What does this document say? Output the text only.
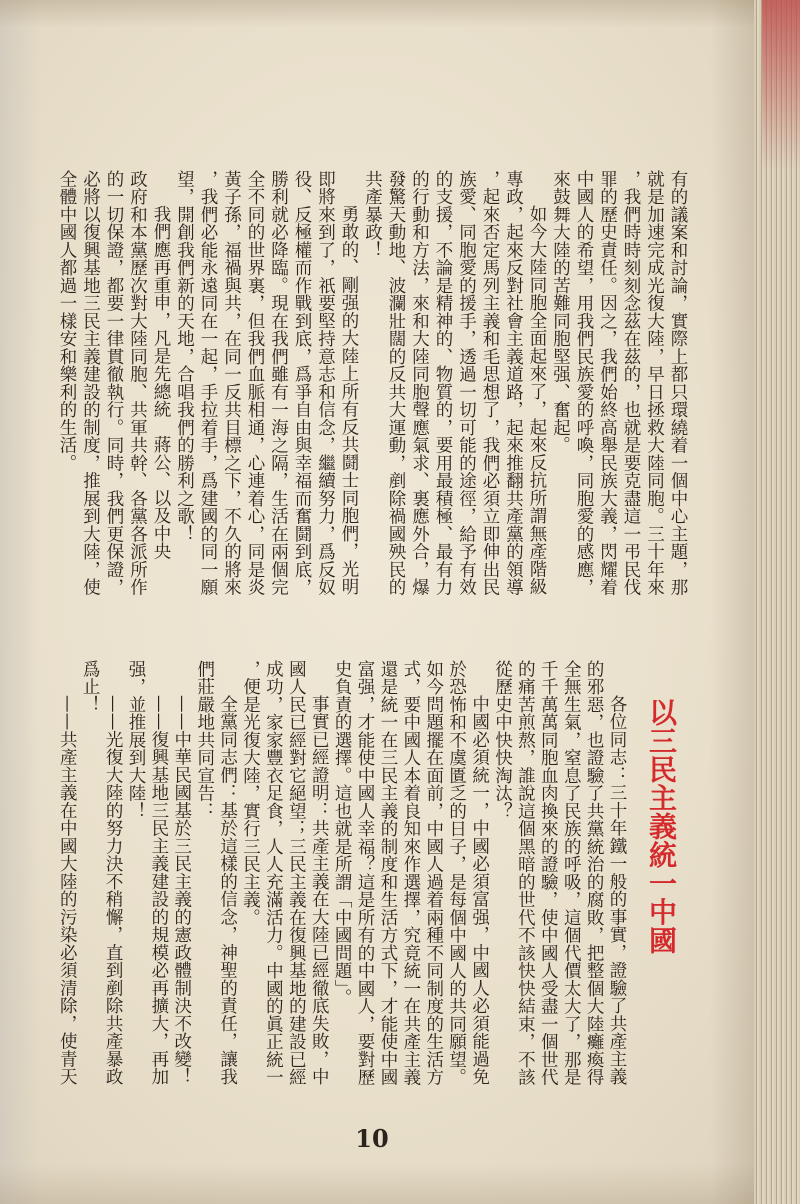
有的議案和討論，實際上都只環繞着一個中心主題，那
就是加速完成光復大陸，早日拯救大陸同胞。三十年來
，我們時時刻刻念茲在茲的，也就是要克盡這一弔民伐
罪的歷史責任。因之，我們始終高舉民族大義，閃耀着
中國人的希望，用我們民族愛的呼喚，同胞愛的感應，
來鼓舞大陸的苦難同胞堅强、奮起。
如今大陸同胞全面起來了，起來反抗所謂無產階級
專政，起來反對社會主義道路，起來推翻共產黨的領導
，起來否定馬列主義和毛思想了，我們必須立即伸出民
族愛、同胞愛的援手，透過一切可能的途徑，給予有效
的支援，不論是精神的、物質的，要用最積極、最有力
的行動和方法，來和大陸同胞聲應氣求、裏應外合，爆
發驚天動地、波瀾壯闊的反共大運動，剷除禍國殃民的
共產暴政！
勇敢的、剛强的大陸上所有反共鬪士同胞們，光明
即將來到了，祇要堅持意志和信念，繼續努力，爲反奴
役、反極權而作戰到底，爲爭自由與幸福而奮鬪到底，
勝利就必降臨。現在我們雖有一海之隔，生活在兩個完
全不同的世界裏，但我們血脈相通，心連着心，同是炎
黃子孫，福禍與共，在同一反共目標之下，不久的將來
，我們必能永遠同在一起，手拉着手，爲建國的同一願
望，開創我們新的天地，合唱我們的勝利之歌！
我們應再重申，凡是先總統　蔣公、以及中央
政府和本黨歷次對大陸同胞、共軍共幹、各黨各派所作
的一切保證，都要一律貫徹執行。同時，我們更保證，
必將以復興基地三民主義建設的制度，推展到大陸，使
全體中國人都過一樣安和樂利的生活。
以三民主義統一中國
各位同志：三十年鐵一般的事實，證驗了共產主義
的邪惡，也證驗了共黨統治的腐敗，把整個大陸癱瘓得
全無生氣，窒息了民族的呼吸，這個代價太大了，那是
千千萬萬同胞血肉換來的證驗，使中國人受盡一個世代
的痛苦煎熬，誰說這個黑暗的世代不該快快結束，不該
從歷史中快快淘汰？
中國必須統一，中國必須富强，中國人必須能過免
於恐怖和不虞匱乏的日子，是每個中國人的共同願望。
如今問題擺在面前，中國人過着兩種不同制度的生活方
式，要中國人本着良知來作選擇，究竟統一在共產主義
還是統一在三民主義的制度和生活方式下，才能使中國
富强，才能使中國人幸福？這是所有的中國人，要對歷
史負責的選擇。這也就是所謂「中國問題」。
事實已經證明：共產主義在大陸已經徹底失敗，中
國人民已經對它絕望；三民主義在復興基地的建設已經
成功，家家豐衣足食，人人充滿活力。中國的眞正統一
，便是光復大陸，實行三民主義。
全黨同志們：基於這樣的信念，神聖的責任，讓我
們莊嚴地共同宣告：
——中華民國基於三民主義的憲政體制決不改變！
——復興基地三民主義建設的規模必再擴大，再加
强，並推展到大陸！
——光復大陸的努力決不稍懈，直到剷除共產暴政
爲止！
——共產主義在中國大陸的污染必須清除，使青天
10
